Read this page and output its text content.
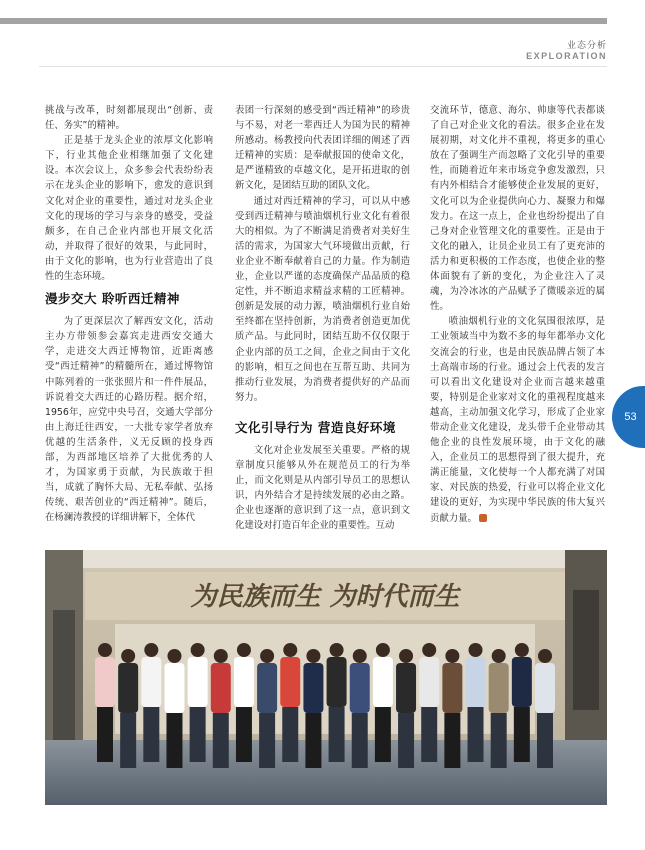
业态分析
EXPLORATION

挑战与改革，时刻都展现出“创新、责任、务实”的精神。

正是基于龙头企业的浓厚文化影响下，行业其他企业相继加强了文化建设。本次会议上，众多参会代表纷纷表示在龙头企业的影响下，愈发的意识到文化对企业的重要性，通过对龙头企业文化的现场的学习与亲身的感受，受益颇多，在自己企业内部也开展文化活动，并取得了很好的效果，与此同时，由于文化的影响，也为行业营造出了良性的生态环境。

漫步交大 聆听西迁精神

为了更深层次了解西安文化，活动主办方带领参会嘉宾走进西安交通大学，走进交大西迁博物馆，近距离感受“西迁精神”的精髓所在，通过博物馆中陈列着的一张张照片和一件件展品，诉说着交大西迁的心路历程。据介绍，1956年，应党中央号召，交通大学部分由上海迁往西安，一大批专家学者放弃优越的生活条件，义无反顾的投身西部，为西部地区培养了大批优秀的人才，为国家勇于贡献，为民族敢于担当，成就了胸怀大局、无私奉献、弘扬传统、艰苦创业的“西迁精神”。随后，在杨澜涛教授的详细讲解下，全体代

表团一行深刻的感受到“西迁精神”的珍贵与不易，对老一辈西迁人为国为民的精神所感动。杨教授向代表团详细的阐述了西迁精神的实质：是奉献报国的使命文化，是严谨精致的卓越文化，是开拓进取的创新文化，是团结互助的团队文化。

通过对西迁精神的学习，可以从中感受到西迁精神与喷油烟机行业文化有着很大的相似。为了不断满足消费者对美好生活的需求，为国家大气环境做出贡献，行业企业不断奉献着自己的力量。作为制造业，企业以严谨的态度确保产品品质的稳定性，并不断追求精益求精的工匠精神。创新是发展的动力源，喷油烟机行业自始至终都在坚持创新，为消费者创造更加优质产品。与此同时，团结互助不仅仅限于企业内部的员工之间，企业之间由于文化的影响，相互之间也在互帮互助、共同为推动行业发展，为消费者提供好的产品而努力。

文化引导行为 营造良好环境

文化对企业发展至关重要。严格的规章制度只能够从外在规范员工的行为举止，而文化则是从内部引导员工的思想认识，内外结合才是持续发展的必由之路。企业也逐渐的意识到了这一点，意识到文化建设对打造百年企业的重要性。互动

交流环节，德意、海尔、帅康等代表都谈了自己对企业文化的看法。很多企业在发展初期，对文化并不重视，将更多的重心放在了强调生产而忽略了文化引导的重要性，而随着近年来市场竞争愈发激烈，只有内外相结合才能够使企业发展的更好，文化可以为企业提供向心力、凝聚力和爆发力。在这一点上，企业也纷纷提出了自己身对企业管理文化的重要性。正是由于文化的融入，让员企业员工有了更充沛的活力和更积极的工作态度，也使企业的整体面貌有了新的变化，为企业注入了灵魂，为冷冰冰的产品赋予了微暖亲近的属性。

喷油烟机行业的文化氛围很浓厚，是工业领域当中为数不多的每年都举办文化交流会的行业，也是由民族品牌占领了本土高端市场的行业。通过会上代表的发言可以看出文化建设对企业而言越来越重要，特别是企业家对文化的重视程度越来越高，主动加强文化学习，形成了企业家带动企业文化建设，龙头带千企业带动其他企业的良性发展环境，由于文化的融入，企业员工的思想得到了很大提升，充满正能量，文化使每一个人都充满了对国家、对民族的热爱，行业可以将企业文化建设的更好，为实现中华民族的伟大复兴贡献力量。

53
为民族而生 为时代而生
